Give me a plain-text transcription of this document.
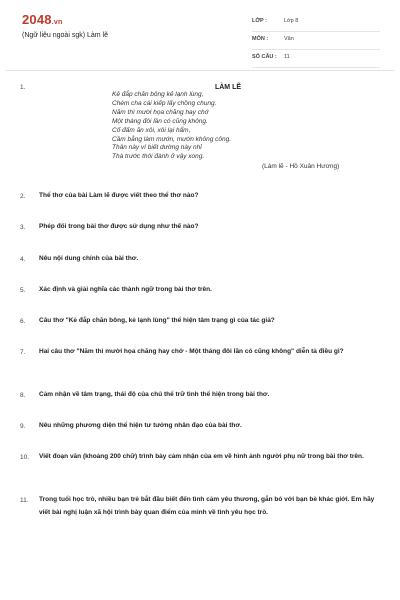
2048.vn
(Ngữ liệu ngoài sgk) Làm lẽ
LỚP :	Lớp 8
MÔN :	Văn
SỐ CÂU : 11
1.	LÀM LẼ
Kẻ đắp chăn bông kẻ lạnh lùng,
Chém cha cái kiếp lấy chồng chung.
Năm thì mười họa chăng hay chớ
Một tháng đôi lần có cũng không.
Cố đấm ăn xôi, xôi lại hẩm,
Cầm bằng làm mướn, mướn không công.
Thân này ví biết dường này nhỉ
Thà trước thôi đành ở vậy xong.
(Làm lẽ - Hồ Xuân Hương)
2. Thể thơ của bài Làm lẽ được viết theo thể thơ nào?
3. Phép đối trong bài thơ được sử dụng như thế nào?
4. Nêu nội dung chính của bài thơ.
5. Xác định và giải nghĩa các thành ngữ trong bài thơ trên.
6. Câu thơ "Kẻ đắp chăn bông, kẻ lạnh lùng" thể hiện tâm trạng gì của tác giả?
7. Hai câu thơ "Năm thì mười họa chăng hay chớ - Một tháng đôi lần có cũng không" diễn tả điều gì?
8. Cảm nhận về tâm trạng, thái độ của chủ thể trữ tình thể hiện trong bài thơ.
9. Nêu những phương diện thể hiện tư tưởng nhân đạo của bài thơ.
10. Viết đoạn văn (khoảng 200 chữ) trình bày cảm nhận của em về hình ảnh người phụ nữ trong bài thơ trên.
11. Trong tuổi học trò, nhiều bạn trẻ bắt đầu biết đến tình cảm yêu thương, gắn bó với bạn bè khác giới. Em hãy viết bài nghị luận xã hội trình bày quan điểm của mình về tình yêu học trò.
